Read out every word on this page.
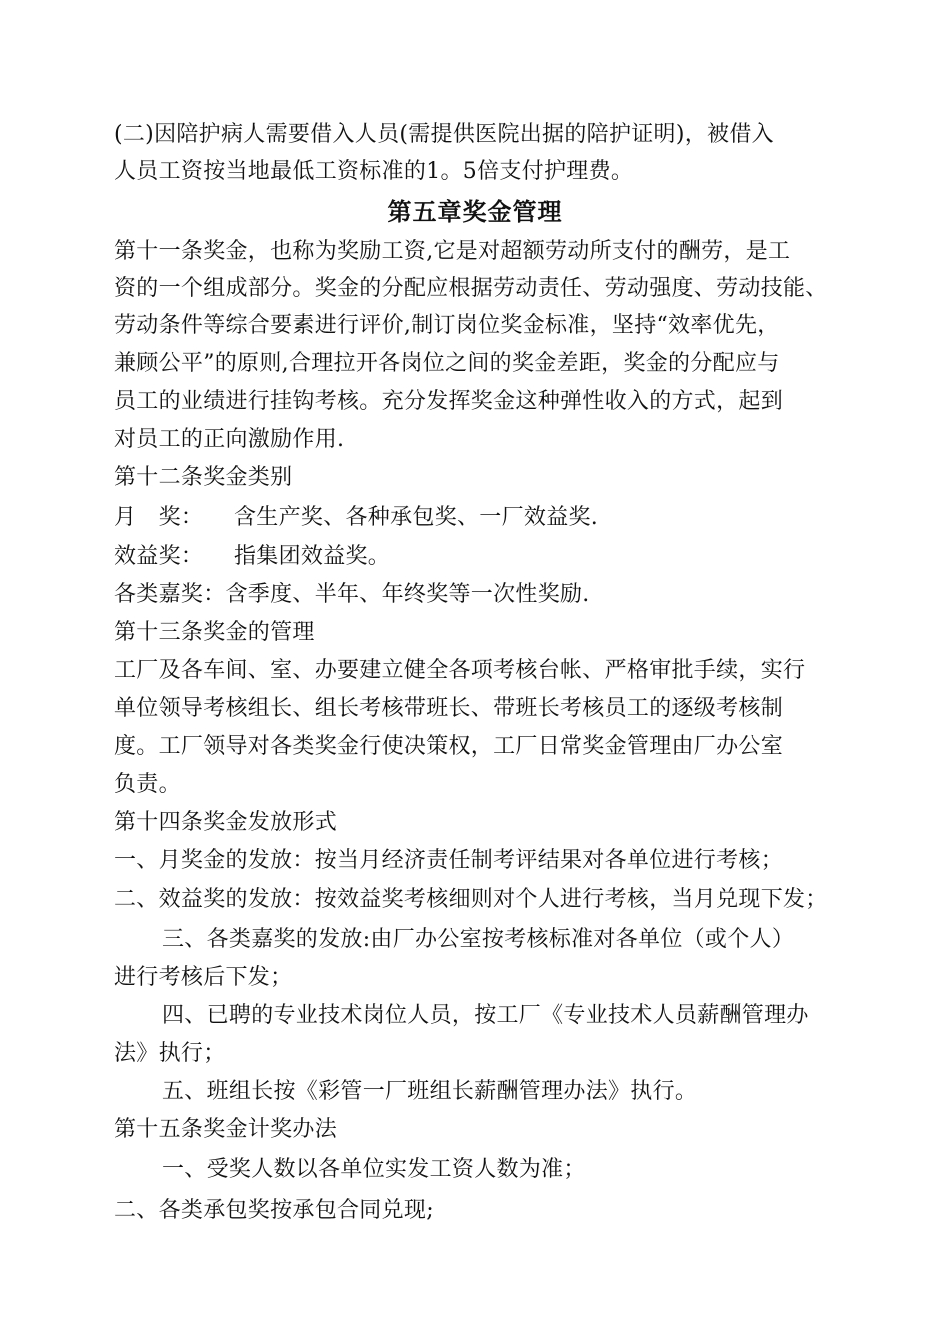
(二)因陪护病人需要借入人员(需提供医院出据的陪护证明)，被借入
人员工资按当地最低工资标准的1。5倍支付护理费。
第五章奖金管理
第十一条奖金，也称为奖励工资,它是对超额劳动所支付的酬劳，是工
资的一个组成部分。奖金的分配应根据劳动责任、劳动强度、劳动技能、
劳动条件等综合要素进行评价,制订岗位奖金标准，坚持“效率优先，
兼顾公平”的原则,合理拉开各岗位之间的奖金差距，奖金的分配应与
员工的业绩进行挂钩考核。充分发挥奖金这种弹性收入的方式，起到
对员工的正向激励作用.
第十二条奖金类别
月　奖： 含生产奖、各种承包奖、一厂效益奖.
效益奖： 指集团效益奖。
各类嘉奖：含季度、半年、年终奖等一次性奖励.
第十三条奖金的管理
工厂及各车间、室、办要建立健全各项考核台帐、严格审批手续，实行
单位领导考核组长、组长考核带班长、带班长考核员工的逐级考核制
度。工厂领导对各类奖金行使决策权，工厂日常奖金管理由厂办公室
负责。
第十四条奖金发放形式
一、月奖金的发放：按当月经济责任制考评结果对各单位进行考核；
二、效益奖的发放：按效益奖考核细则对个人进行考核，当月兑现下发；
三、各类嘉奖的发放:由厂办公室按考核标准对各单位（或个人）
进行考核后下发；
四、已聘的专业技术岗位人员，按工厂《专业技术人员薪酬管理办
法》执行；
五、班组长按《彩管一厂班组长薪酬管理办法》执行。
第十五条奖金计奖办法
一、受奖人数以各单位实发工资人数为准；
二、各类承包奖按承包合同兑现;
